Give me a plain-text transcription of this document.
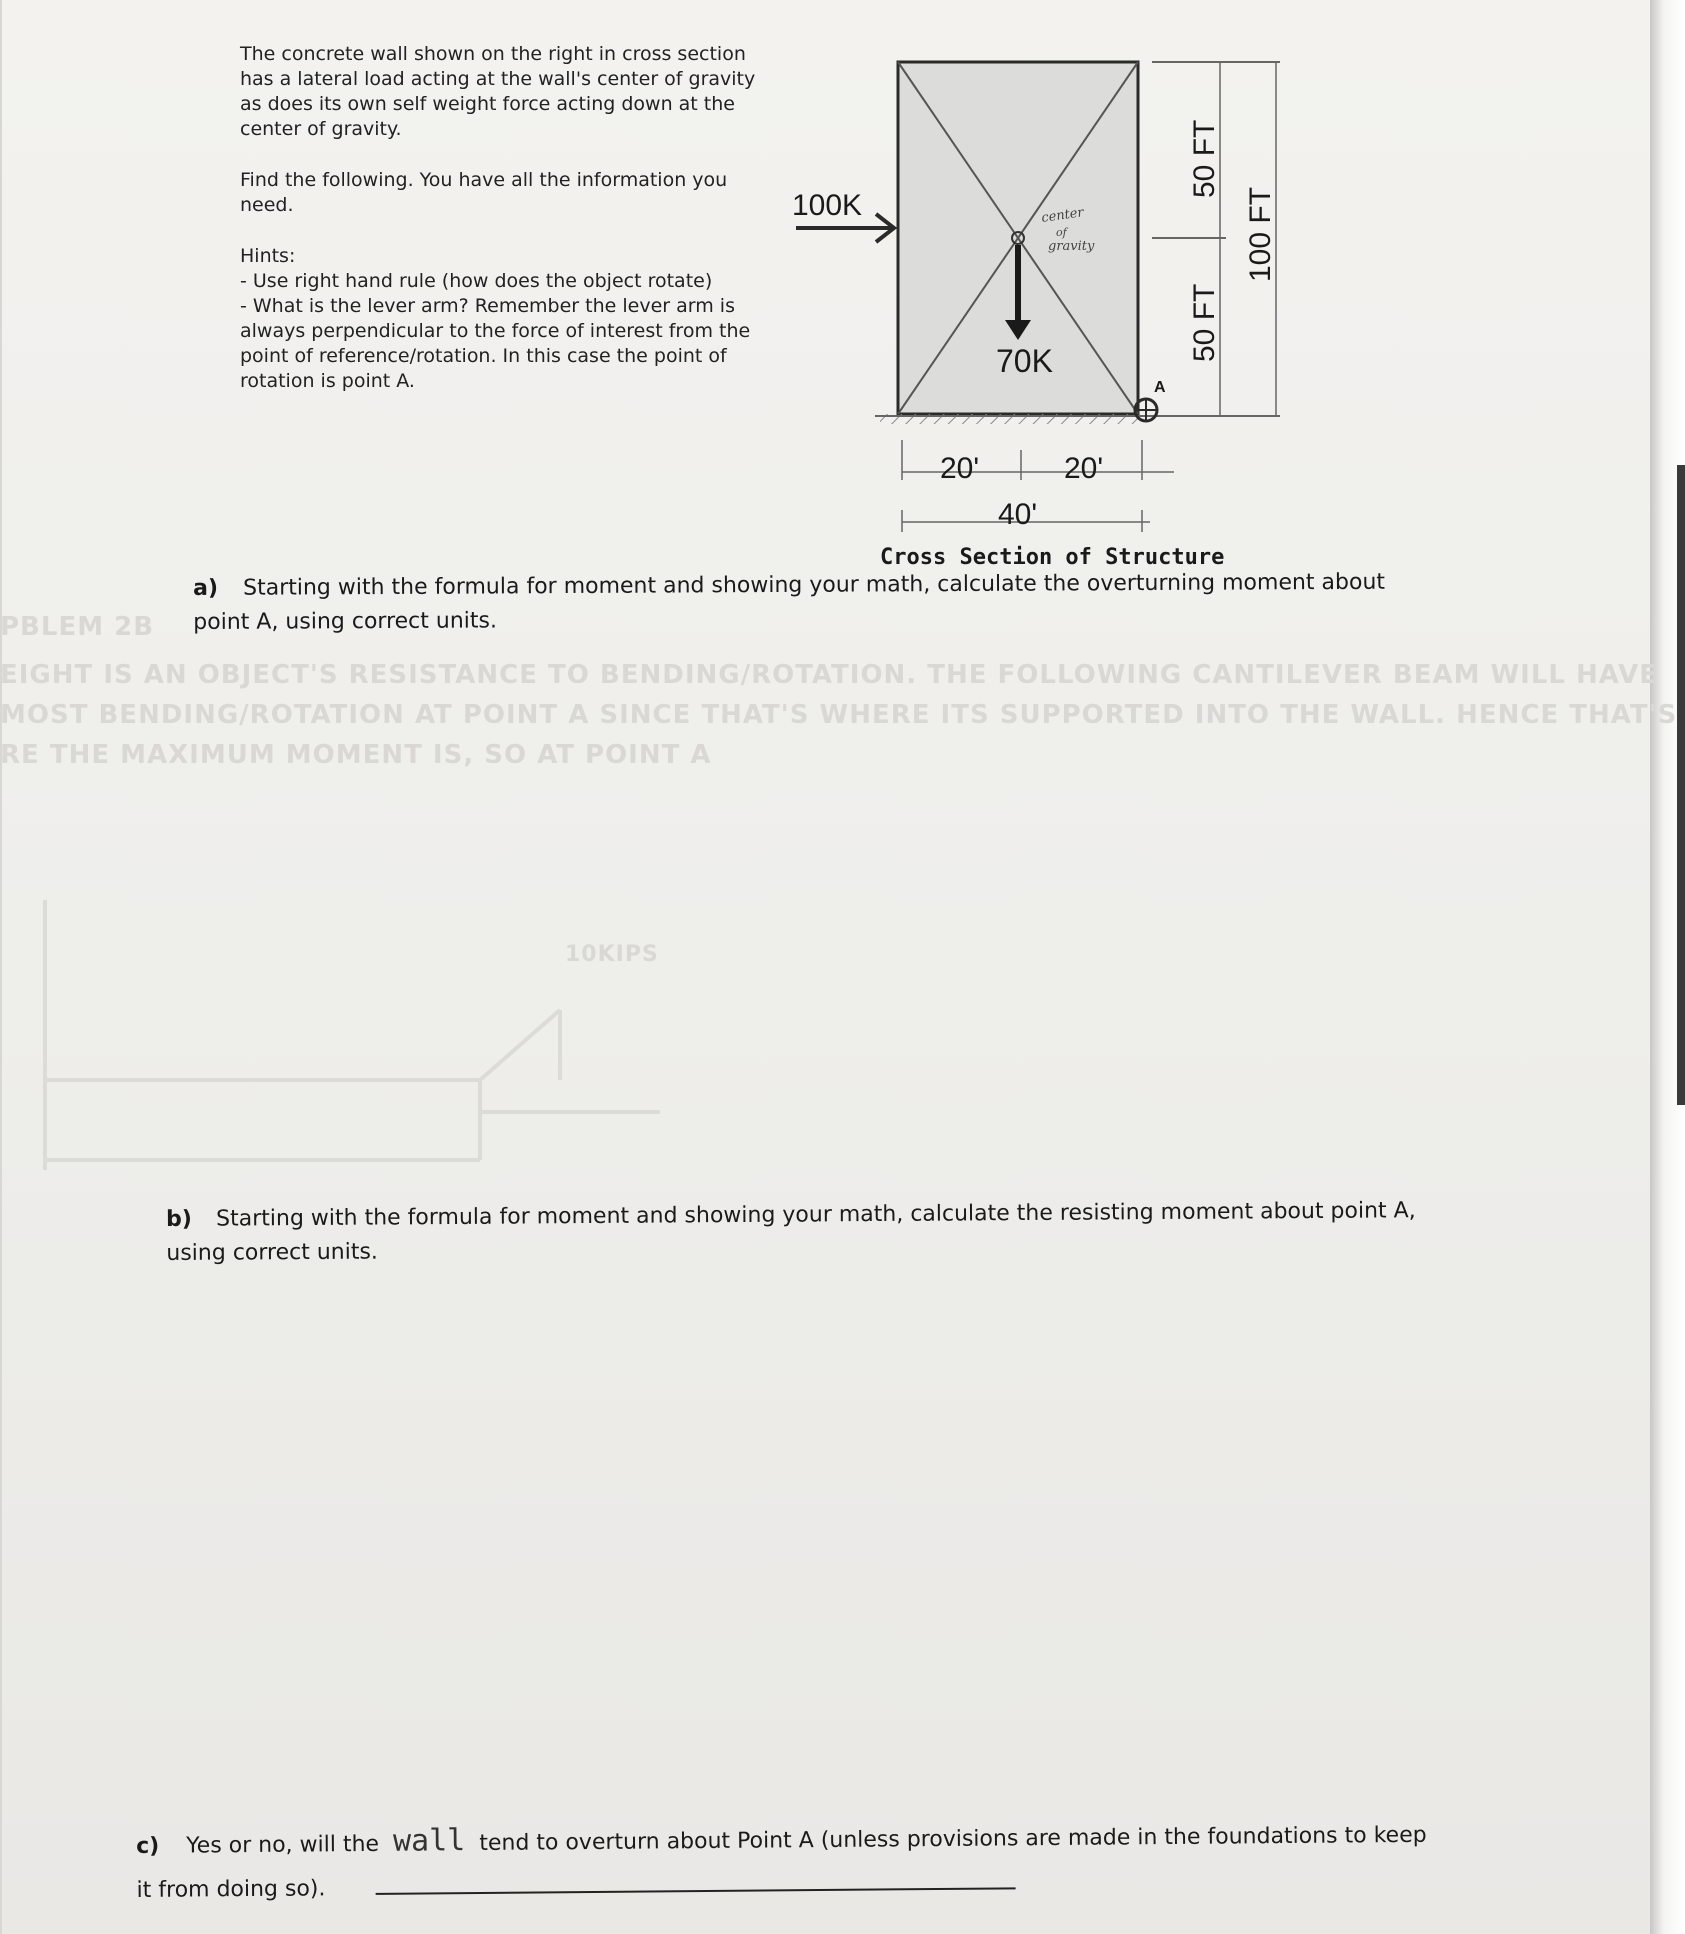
PBLEM 2B
EIGHT IS AN OBJECT'S RESISTANCE TO BENDING/ROTATION. THE FOLLOWING CANTILEVER BEAM WILL HAVE
MOST BENDING/ROTATION AT POINT A SINCE THAT'S WHERE ITS SUPPORTED INTO THE WALL. HENCE THAT'S
RE THE MAXIMUM MOMENT IS, SO AT POINT A
10KIPS

The concrete wall shown on the right in cross section has a lateral load acting at the wall's center of gravity as does its own self weight force acting down at the center of gravity.

Find the following. You have all the information you need.

Hints:

- Use right hand rule (how does the object rotate)

- What is the lever arm? Remember the lever arm is always perpendicular to the force of interest from the point of reference/rotation. In this case the point of rotation is point A.

center
of
gravity
100K
70K
A
50 FT
50 FT
100 FT
20'	20'
40'
Cross Section of Structure
a) Starting with the formula for moment and showing your math, calculate the overturning moment about point A, using correct units.
b) Starting with the formula for moment and showing your math, calculate the resisting moment about point A, using correct units.
c) Yes or no, will the wall tend to overturn about Point A (unless provisions are made in the foundations to keep it from doing so).
